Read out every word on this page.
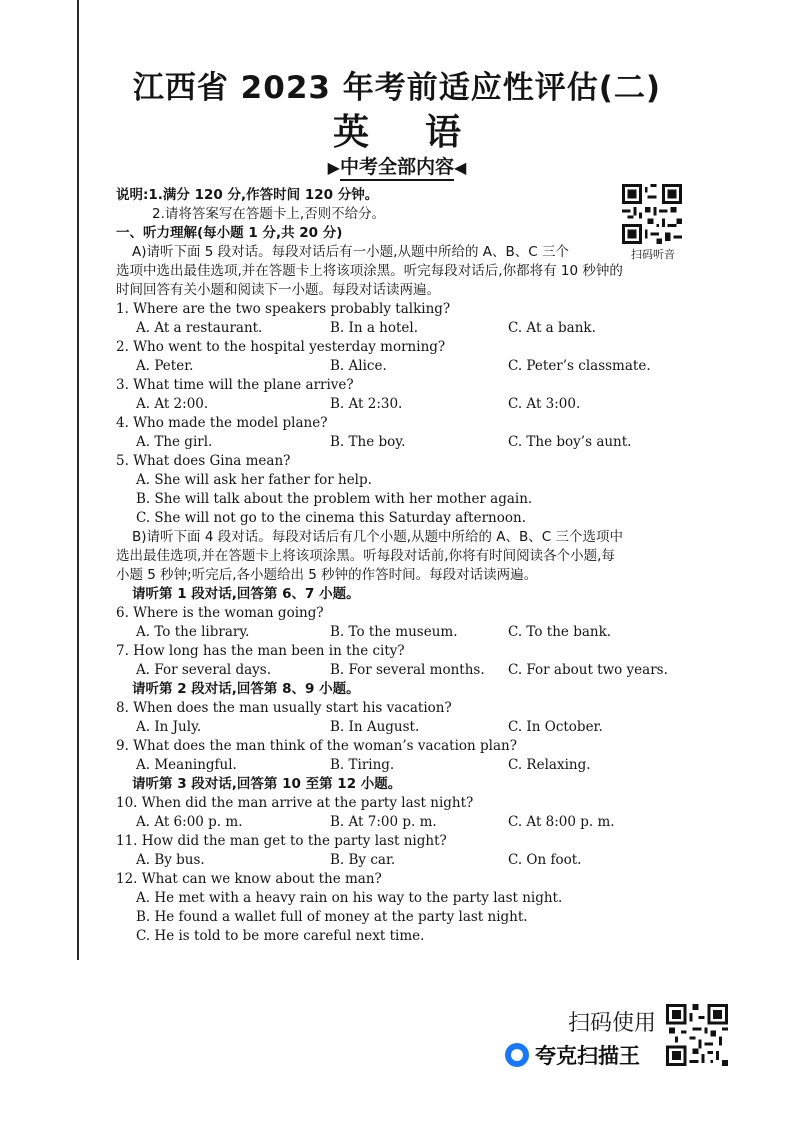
江西省 2023 年考前适应性评估(二)
英语
▶中考全部内容◀
扫码听音
说明:1.满分 120 分,作答时间 120 分钟。
2.请将答案写在答题卡上,否则不给分。
一、听力理解(每小题 1 分,共 20 分)
A)请听下面 5 段对话。每段对话后有一小题,从题中所给的 A、B、C 三个
选项中选出最佳选项,并在答题卡上将该项涂黑。听完每段对话后,你都将有 10 秒钟的
时间回答有关小题和阅读下一小题。每段对话读两遍。
1. Where are the two speakers probably talking?
A. At a restaurant.	B. In a hotel.	C. At a bank.
2. Who went to the hospital yesterday morning?
A. Peter.	B. Alice.	C. Peter’s classmate.
3. What time will the plane arrive?
A. At 2:00.	B. At 2:30.	C. At 3:00.
4. Who made the model plane?
A. The girl.	B. The boy.	C. The boy’s aunt.
5. What does Gina mean?
A. She will ask her father for help.
B. She will talk about the problem with her mother again.
C. She will not go to the cinema this Saturday afternoon.
B)请听下面 4 段对话。每段对话后有几个小题,从题中所给的 A、B、C 三个选项中
选出最佳选项,并在答题卡上将该项涂黑。听每段对话前,你将有时间阅读各个小题,每
小题 5 秒钟;听完后,各小题给出 5 秒钟的作答时间。每段对话读两遍。
请听第 1 段对话,回答第 6、7 小题。
6. Where is the woman going?
A. To the library.	B. To the museum.	C. To the bank.
7. How long has the man been in the city?
A. For several days.	B. For several months. C. For about two years.
请听第 2 段对话,回答第 8、9 小题。
8. When does the man usually start his vacation?
A. In July.	B. In August.	C. In October.
9. What does the man think of the woman’s vacation plan?
A. Meaningful.	B. Tiring.	C. Relaxing.
请听第 3 段对话,回答第 10 至第 12 小题。
10. When did the man arrive at the party last night?
A. At 6:00 p. m.	B. At 7:00 p. m.	C. At 8:00 p. m.
11. How did the man get to the party last night?
A. By bus.	B. By car.	C. On foot.
12. What can we know about the man?
A. He met with a heavy rain on his way to the party last night.
B. He found a wallet full of money at the party last night.
C. He is told to be more careful next time.
扫码使用
夸克扫描王
